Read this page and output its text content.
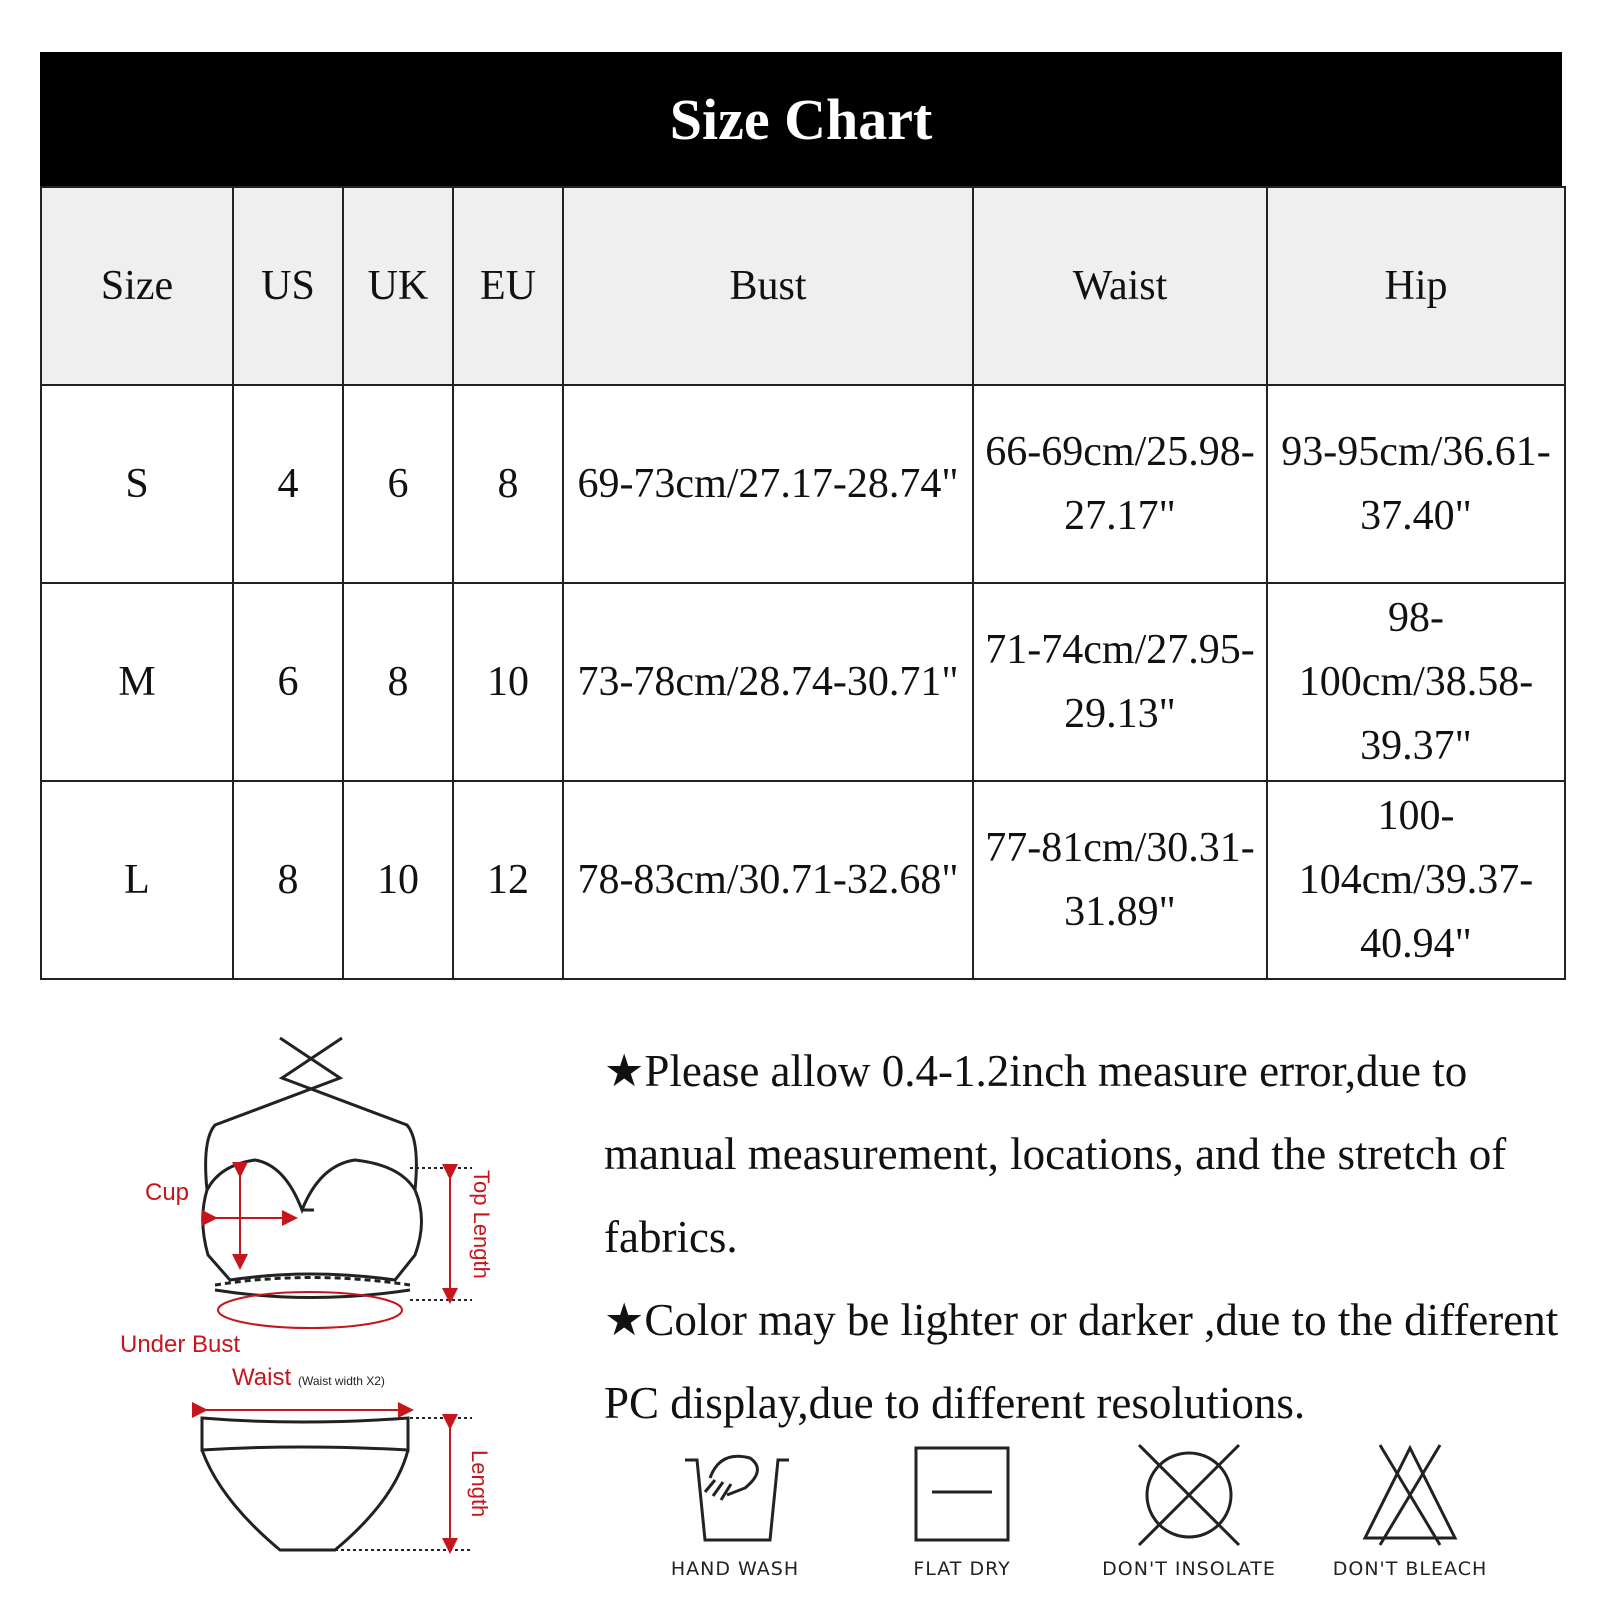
Size Chart
Size	US	UK	EU	Bust	Waist	Hip
S	4	6	8	69-73cm/27.17-28.74"	66-69cm/25.98-27.17"	93-95cm/36.61-37.40"
M	6	8	10	73-78cm/28.74-30.71"	71-74cm/27.95-29.13"	98-100cm/38.58-39.37"
L	8	10	12	78-83cm/30.71-32.68"	77-81cm/30.31-31.89"	100-104cm/39.37-40.94"
Cup	Top Length
Under Bust
Waist (Waist width X2)
Length

★Please allow 0.4-1.2inch measure error,due to manual measurement, locations, and the stretch of fabrics.

★Color may be lighter or darker ,due to the different PC display,due to different resolutions.

HAND WASH	FLAT DRY	DON'T INSOLATE	DON'T BLEACH
